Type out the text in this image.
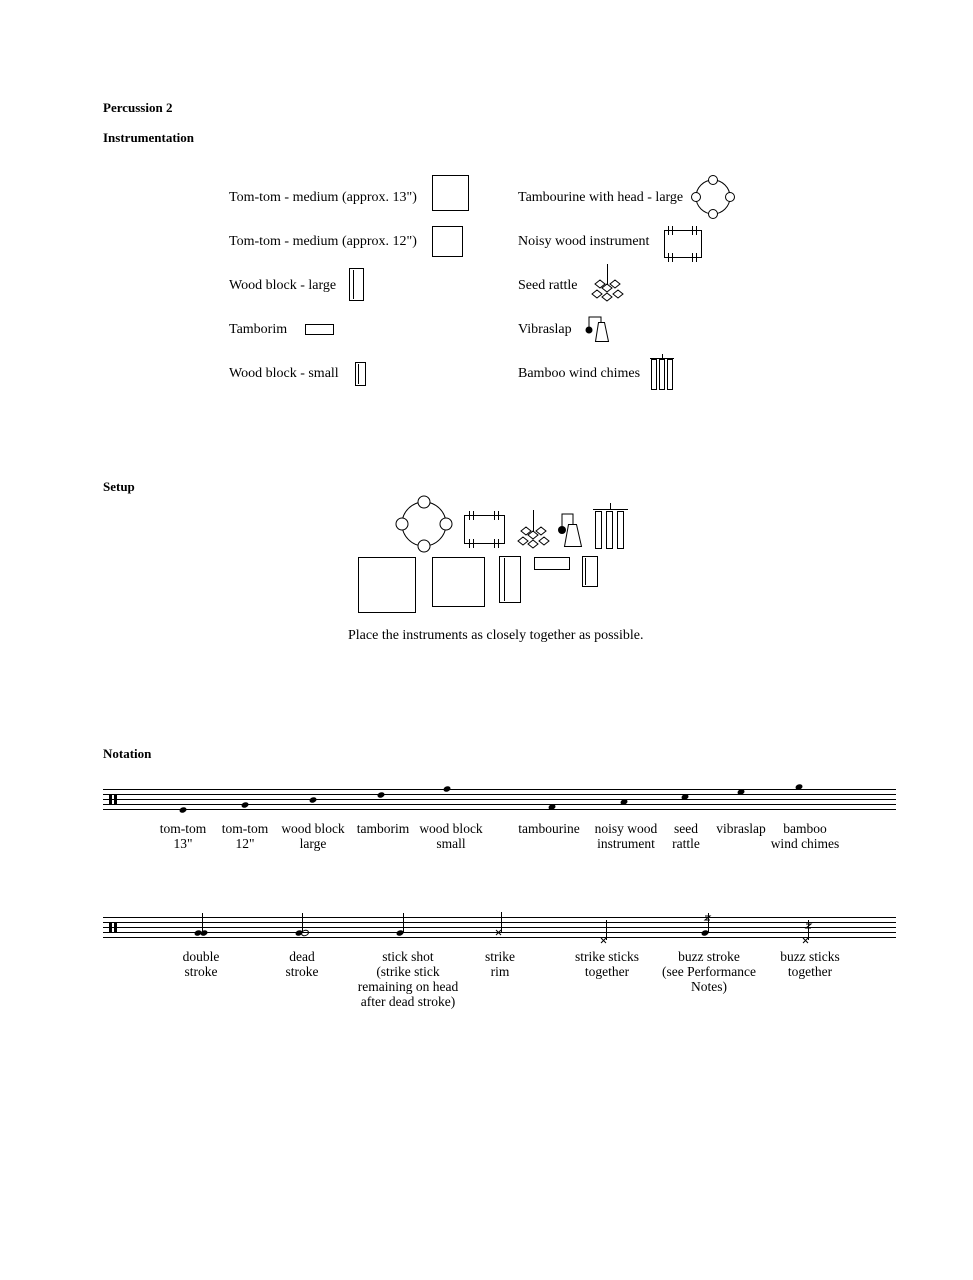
Percussion 2
Instrumentation
Tom-tom - medium (approx. 13")
Tom-tom - medium (approx. 12")
Wood block - large
Tamborim
Wood block - small
Tambourine with head - large
Noisy wood instrument
Seed rattle
Vibraslap
Bamboo wind chimes
Setup
Place the instruments as closely together as possible.
Notation
tom-tom
13"
tom-tom
12"
wood block
large
tamborim wood block
small
tambourine noisy wood
instrument
seed
rattle
vibraslap	bamboo
wind chimes
double
stroke
dead
stroke
stick shot
(strike stick
remaining on head
after dead stroke)
strike
rim
strike sticks
together
buzz stroke
(see Performance
Notes)
buzz sticks
together
